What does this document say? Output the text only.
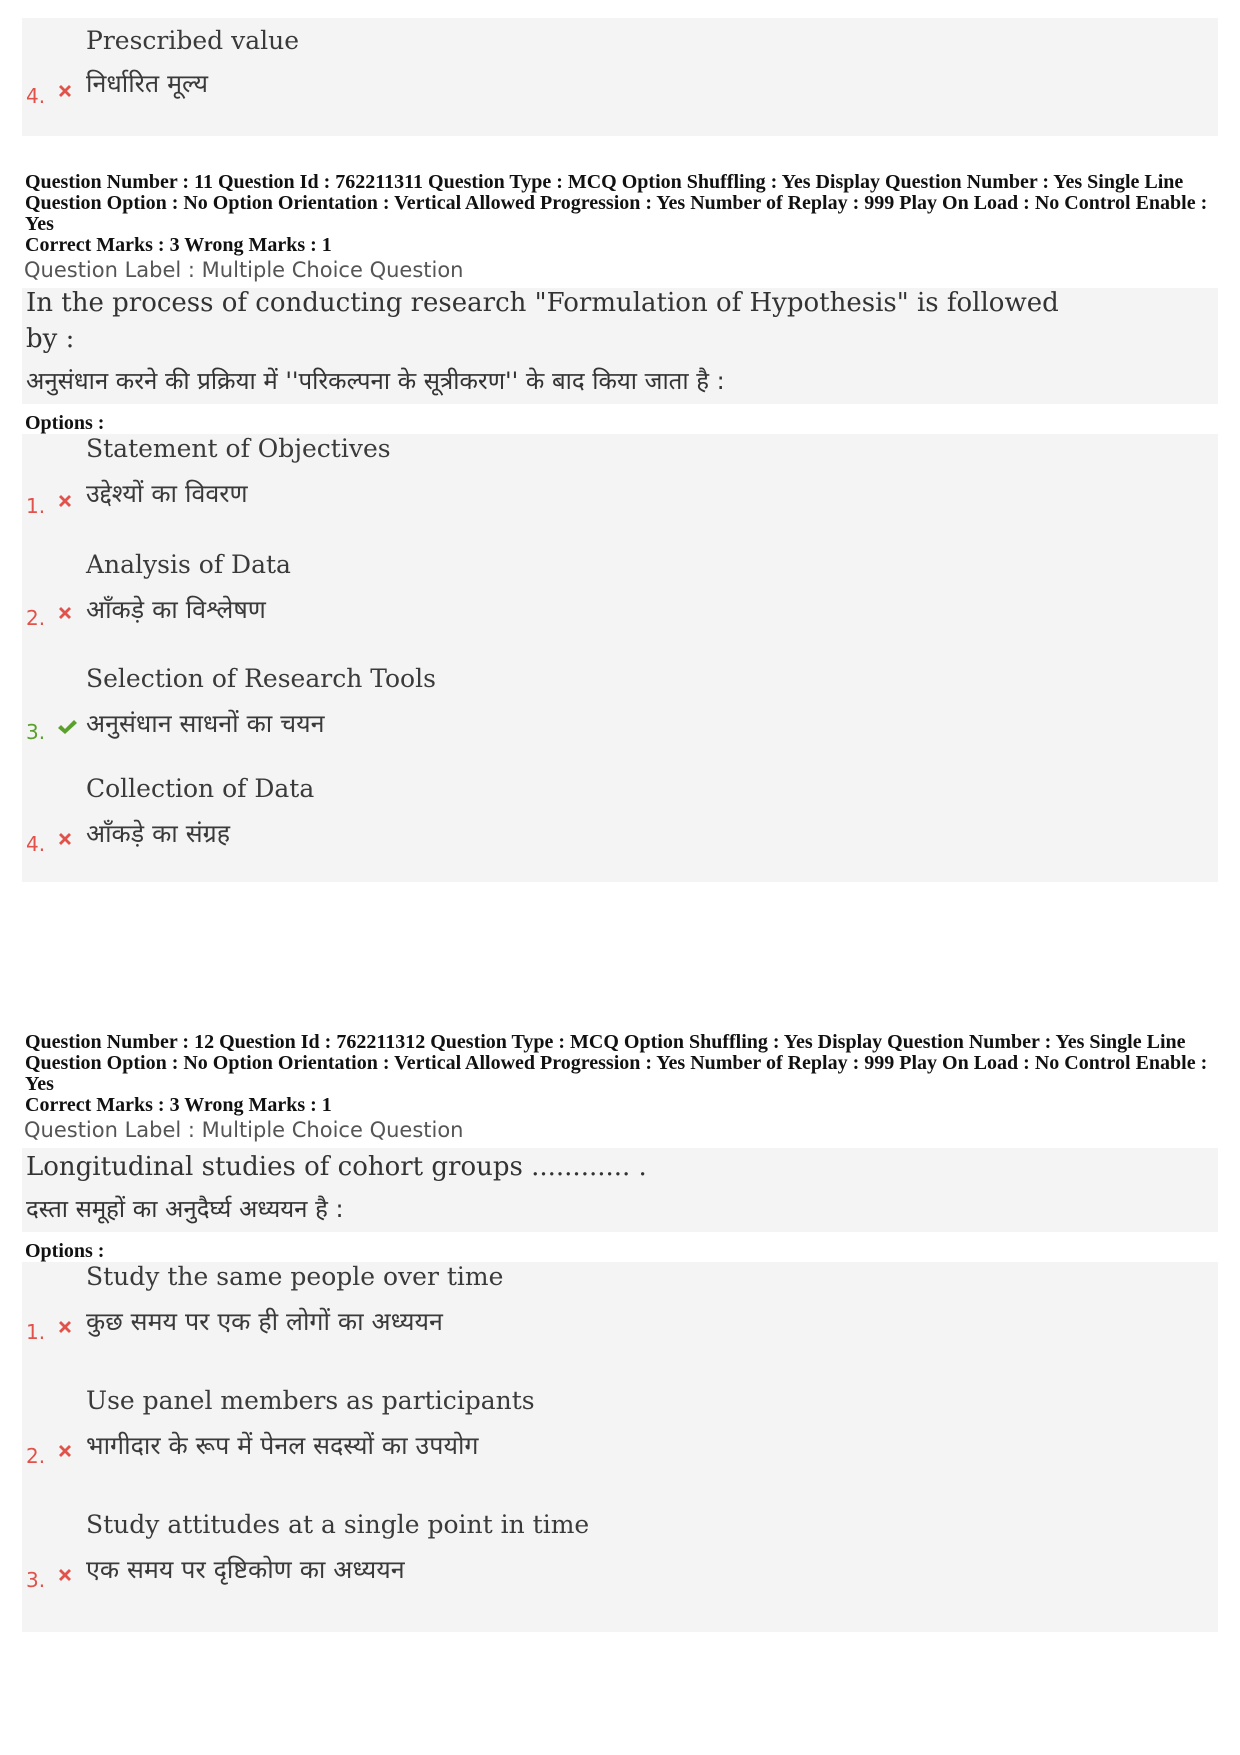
Prescribed value
निर्धारित मूल्य
4.
Question Number : 11 Question Id : 762211311 Question Type : MCQ Option Shuffling : Yes Display Question Number : Yes Single Line Question Option : No Option Orientation : Vertical Allowed Progression : Yes Number of Replay : 999 Play On Load : No Control Enable : Yes
Correct Marks : 3 Wrong Marks : 1
Question Label : Multiple Choice Question
In the process of conducting research "Formulation of Hypothesis" is followed
by :
अनुसंधान करने की प्रक्रिया में ''परिकल्पना के सूत्रीकरण'' के बाद किया जाता है :
Options :
Statement of Objectives
उद्देश्यों का विवरण
1.
Analysis of Data
आँकड़े का विश्लेषण
2.
Selection of Research Tools
अनुसंधान साधनों का चयन
3.
Collection of Data
आँकड़े का संग्रह
4.
Question Number : 12 Question Id : 762211312 Question Type : MCQ Option Shuffling : Yes Display Question Number : Yes Single Line Question Option : No Option Orientation : Vertical Allowed Progression : Yes Number of Replay : 999 Play On Load : No Control Enable : Yes
Correct Marks : 3 Wrong Marks : 1
Question Label : Multiple Choice Question
Longitudinal studies of cohort groups ............ .
दस्ता समूहों का अनुदैर्घ्य अध्ययन है :
Options :
Study the same people over time
कुछ समय पर एक ही लोगों का अध्ययन
1.
Use panel members as participants
भागीदार के रूप में पेनल सदस्यों का उपयोग
2.
Study attitudes at a single point in time
एक समय पर दृष्टिकोण का अध्ययन
3.
